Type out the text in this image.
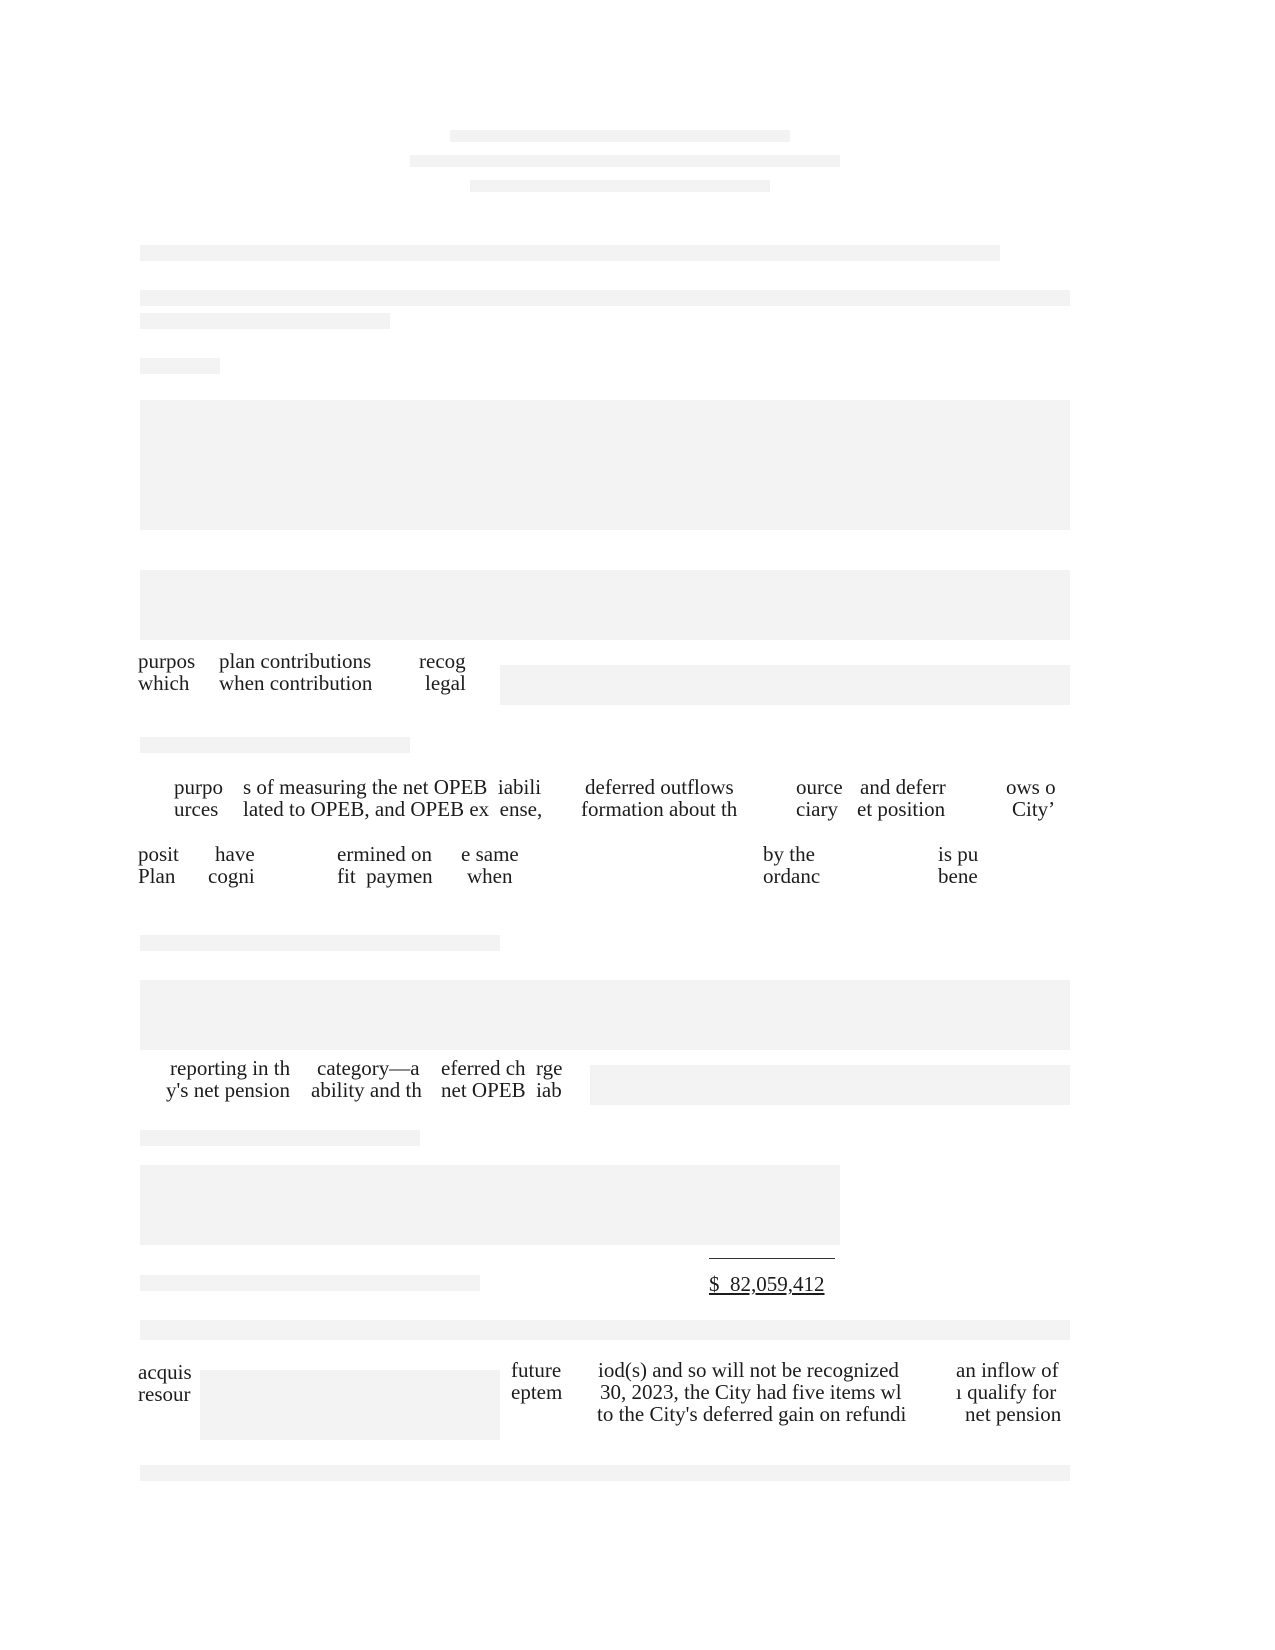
purpos
which
plan contributions
when contribution
recog
legal
purpo
urces
s of measuring the net OPEB  iabili
lated to OPEB, and OPEB ex  ense,
deferred outflows
formation about th
ource
ciary
and deferr
et position
ows o
City’
posit
Plan
have
cogni
ermined on
fit  paymen
e same
when
by the
ordanc
is pu
bene
reporting in th
y's net pension
category—a
ability and th
eferred ch  rge
net OPEB  iab
$  82,059,412
acquis
resour
future
eptem
iod(s) and so will not be recognized
30, 2023, the City had five items wl
to the City's deferred gain on refundi
an inflow of
ı qualify for
net pension
